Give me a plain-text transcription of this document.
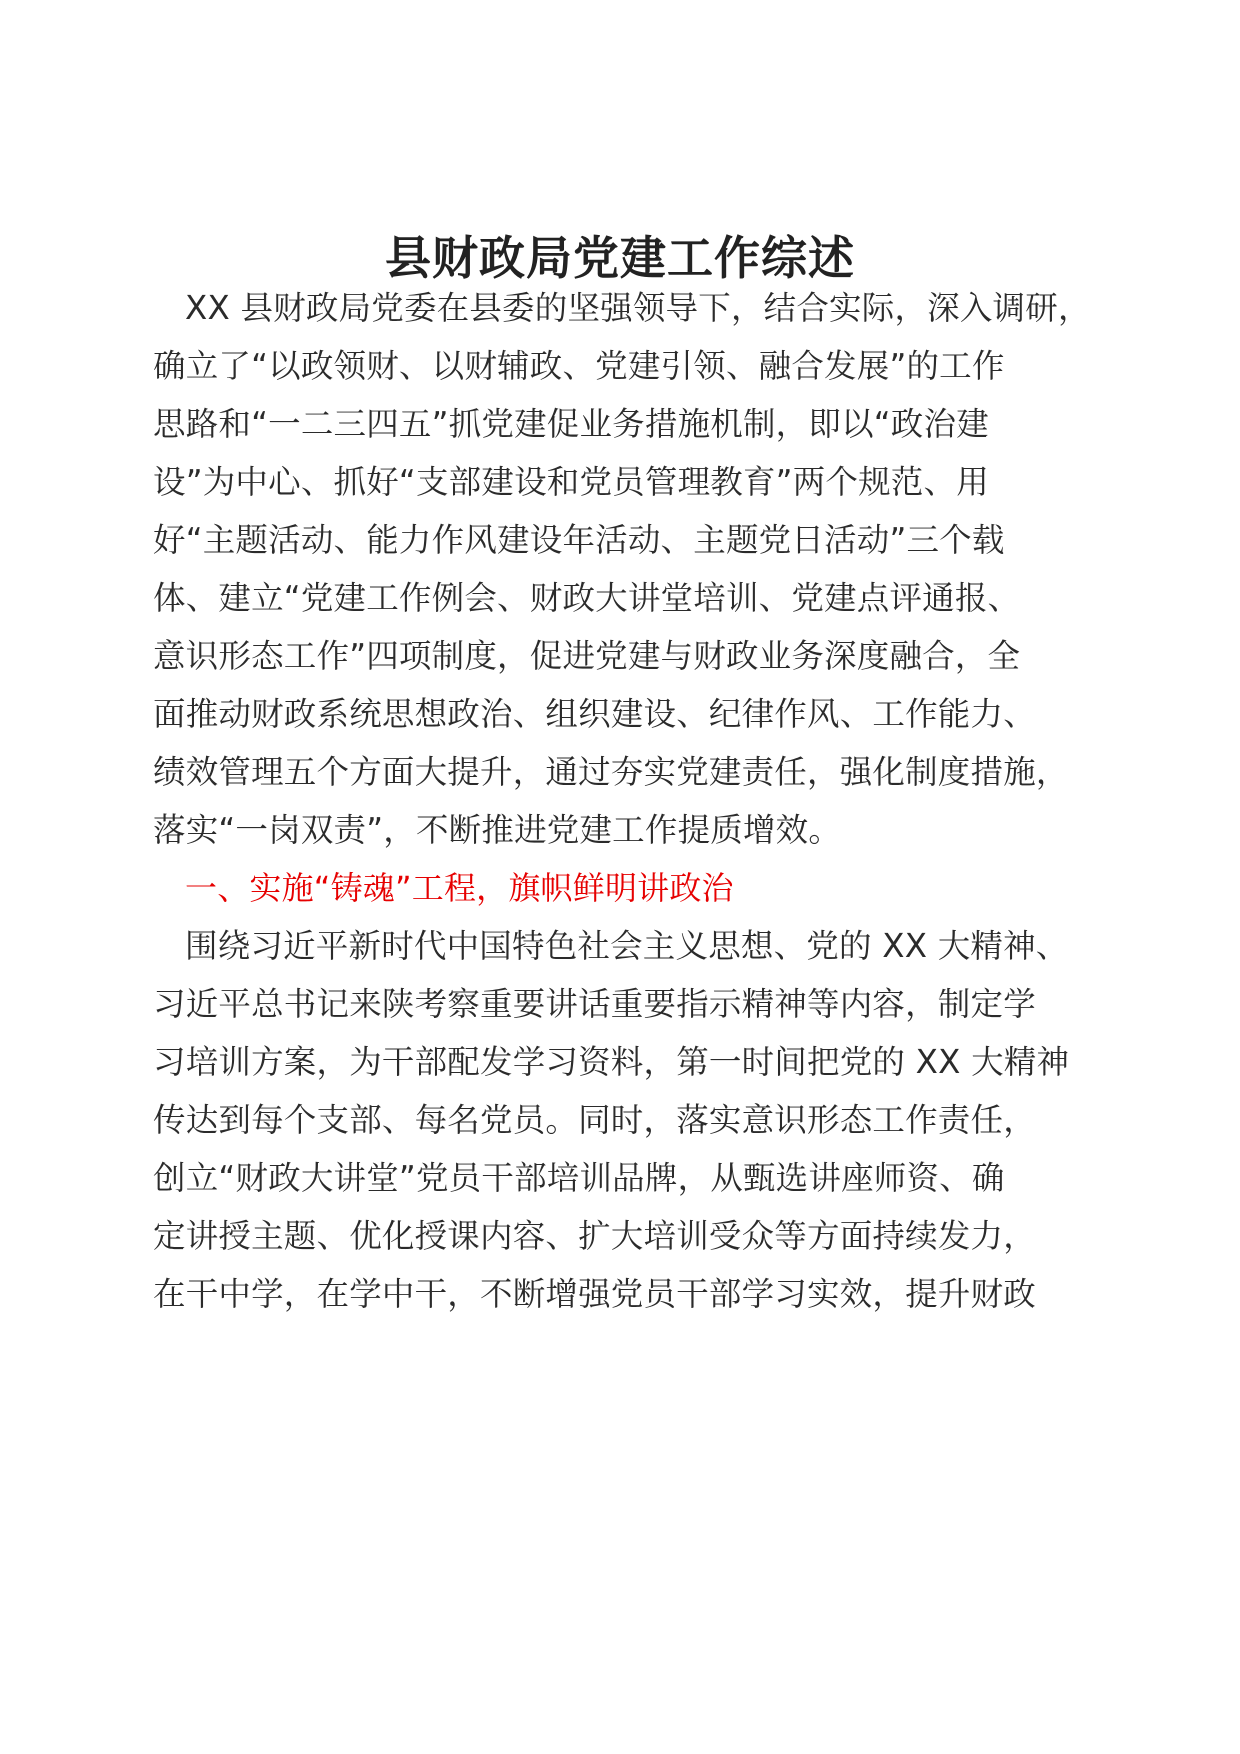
县财政局党建工作综述

XX 县财政局党委在县委的坚强领导下，结合实际，深入调研，

确立了“以政领财、以财辅政、党建引领、融合发展”的工作

思路和“一二三四五”抓党建促业务措施机制，即以“政治建

设”为中心、抓好“支部建设和党员管理教育”两个规范、用

好“主题活动、能力作风建设年活动、主题党日活动”三个载

体、建立“党建工作例会、财政大讲堂培训、党建点评通报、

意识形态工作”四项制度，促进党建与财政业务深度融合，全

面推动财政系统思想政治、组织建设、纪律作风、工作能力、

绩效管理五个方面大提升，通过夯实党建责任，强化制度措施，

落实“一岗双责”，不断推进党建工作提质增效。

一、实施“铸魂”工程，旗帜鲜明讲政治

围绕习近平新时代中国特色社会主义思想、党的 XX 大精神、

习近平总书记来陕考察重要讲话重要指示精神等内容，制定学

习培训方案，为干部配发学习资料，第一时间把党的 XX 大精神

传达到每个支部、每名党员。同时，落实意识形态工作责任，

创立“财政大讲堂”党员干部培训品牌，从甄选讲座师资、确

定讲授主题、优化授课内容、扩大培训受众等方面持续发力，

在干中学，在学中干，不断增强党员干部学习实效，提升财政
